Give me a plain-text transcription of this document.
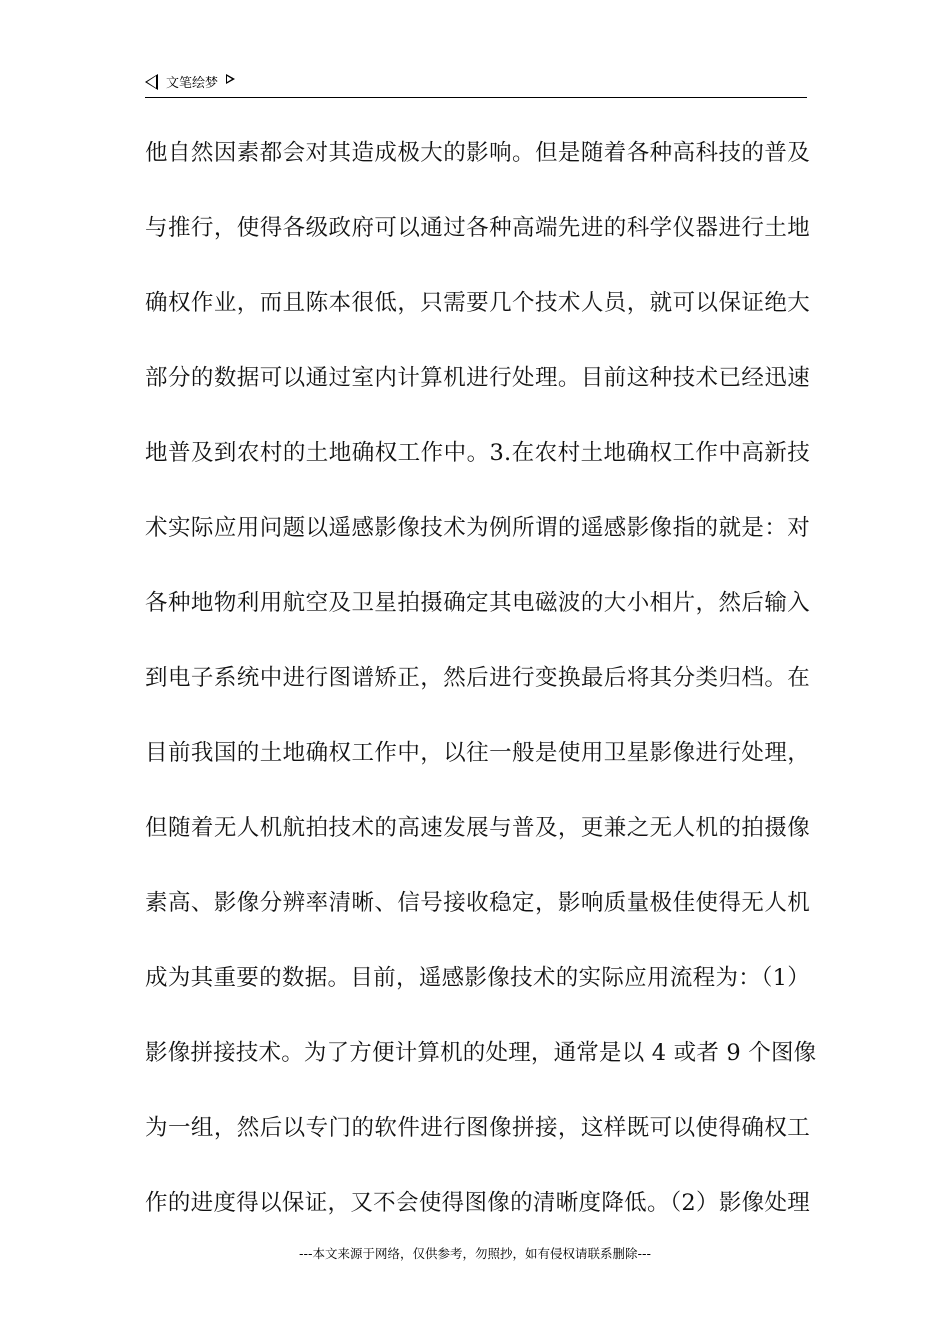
文笔绘梦
他自然因素都会对其造成极大的影响。但是随着各种高科技的普及
与推行，使得各级政府可以通过各种高端先进的科学仪器进行土地
确权作业，而且陈本很低，只需要几个技术人员，就可以保证绝大
部分的数据可以通过室内计算机进行处理。目前这种技术已经迅速
地普及到农村的土地确权工作中。3.在农村土地确权工作中高新技
术实际应用问题以遥感影像技术为例所谓的遥感影像指的就是：对
各种地物利用航空及卫星拍摄确定其电磁波的大小相片，然后输入
到电子系统中进行图谱矫正，然后进行变换最后将其分类归档。在
目前我国的土地确权工作中，以往一般是使用卫星影像进行处理，
但随着无人机航拍技术的高速发展与普及，更兼之无人机的拍摄像
素高、影像分辨率清晰、信号接收稳定，影响质量极佳使得无人机
成为其重要的数据。目前，遥感影像技术的实际应用流程为：（1）
影像拼接技术。为了方便计算机的处理，通常是以 4 或者 9 个图像
为一组，然后以专门的软件进行图像拼接，这样既可以使得确权工
作的进度得以保证，又不会使得图像的清晰度降低。（2）影像处理
---本文来源于网络，仅供参考，勿照抄，如有侵权请联系删除---
